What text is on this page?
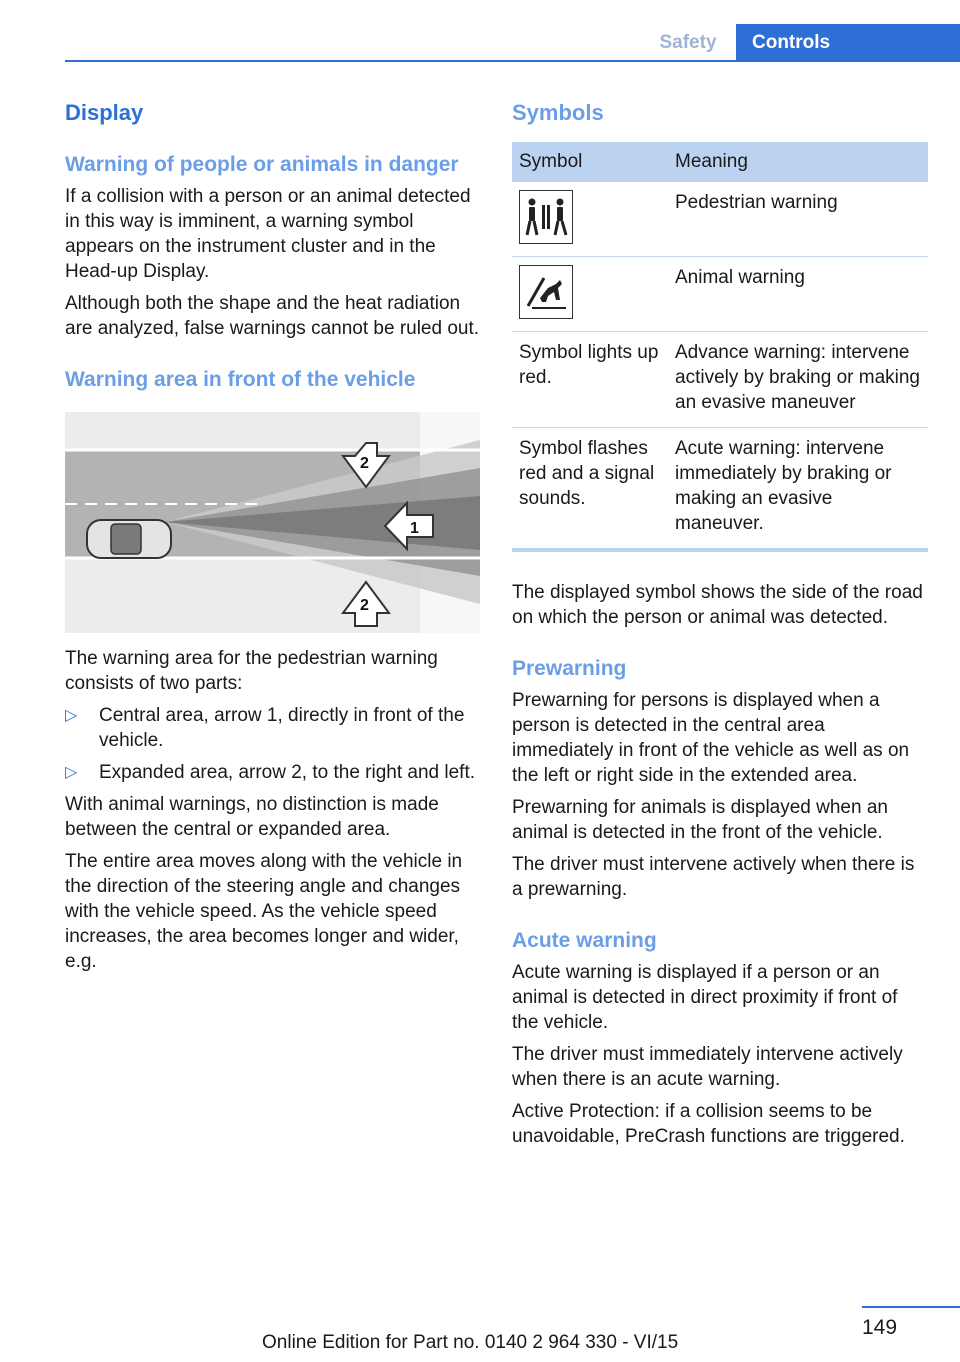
Safety	Controls
Display
Warning of people or animals in danger

If a collision with a person or an animal detected in this way is imminent, a warning symbol appears on the instrument cluster and in the Head-up Display.

Although both the shape and the heat radiation are analyzed, false warnings cannot be ruled out.

Warning area in front of the vehicle
1
2
2

The warning area for the pedestrian warning consists of two parts:

▷ Central area, arrow 1, directly in front of the vehicle.
▷ Expanded area, arrow 2, to the right and left.

With animal warnings, no distinction is made between the central or expanded area.

The entire area moves along with the vehicle in the direction of the steering angle and changes with the vehicle speed. As the vehicle speed increases, the area becomes longer and wider, e.g.

Symbols
Symbol	Meaning

	Pedestrian warning

	Animal warning
Symbol lights up red.	Advance warning: intervene actively by braking or making an evasive maneuver
Symbol flashes red and a signal sounds.	Acute warning: intervene immediately by braking or making an evasive maneuver.

The displayed symbol shows the side of the road on which the person or animal was detected.

Prewarning

Prewarning for persons is displayed when a person is detected in the central area immediately in front of the vehicle as well as on the left or right side in the extended area.

Prewarning for animals is displayed when an animal is detected in the front of the vehicle.

The driver must intervene actively when there is a prewarning.

Acute warning

Acute warning is displayed if a person or an animal is detected in direct proximity if front of the vehicle.

The driver must immediately intervene actively when there is an acute warning.

Active Protection: if a collision seems to be unavoidable, PreCrash functions are triggered.

149
Online Edition for Part no. 0140 2 964 330 - VI/15
